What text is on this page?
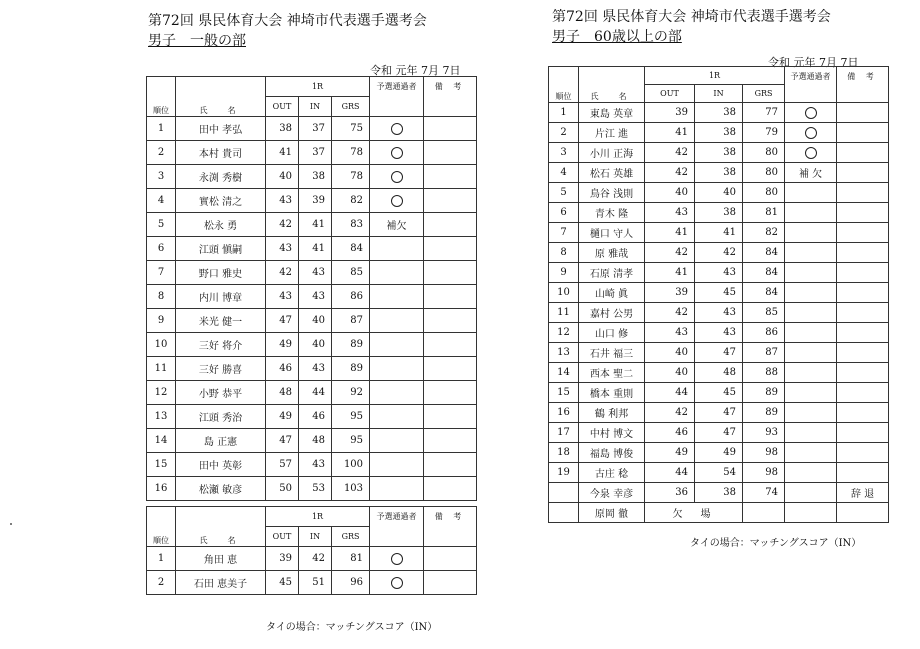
第72回 県民体育大会 神埼市代表選手選考会
男子　一般の部
令和 元年 7月 7日
順位	氏　名	1R			予選通過者	備 考
		OUT	IN	GRS		
1	田中 孝弘	38	37	75		
2	本村 貴司	41	37	78		
3	永渕 秀樹	40	38	78		
4	實松 清之	43	39	82		
5	松永 勇	42	41	83	補欠	
6	江頭 愼嗣	43	41	84		
7	野口 雅史	42	43	85		
8	内川 博章	43	43	86		
9	米光 健一	47	40	87		
10	三好 将介	49	40	89		
11	三好 勝喜	46	43	89		
12	小野 恭平	48	44	92		
13	江頭 秀治	49	46	95		
14	島 正憲	47	48	95		
15	田中 英彰	57	43	100		
16	松瀬 敏彦	50	53	103		
順位	氏　名	1R			予選通過者	備 考
		OUT	IN	GRS		
1	角田 恵	39	42	81		
2	石田 恵美子	45	51	96		
タイの場合：マッチングスコア（IN）
第72回 県民体育大会 神埼市代表選手選考会
男子　60歳以上の部
令和 元年 7月 7日
順位	氏　名	1R			予選通過者	備 考
		OUT	IN	GRS		
1	東島 英章	39	38	77		
2	片江 進	41	38	79		
3	小川 正海	42	38	80		
4	松石 英雄	42	38	80	補 欠	
5	鳥谷 浅則	40	40	80		
6	青木 隆	43	38	81		
7	樋口 守人	41	41	82		
8	原 雅哉	42	42	84		
9	石原 清孝	41	43	84		
10	山崎 眞	39	45	84		
11	嘉村 公男	42	43	85		
12	山口 修	43	43	86		
13	石井 福三	40	47	87		
14	西本 聖二	40	48	88		
15	橋本 重則	44	45	89		
16	鶴 利邦	42	47	89		
17	中村 博文	46	47	93		
18	福島 博俊	49	49	98		
19	古庄 稔	44	54	98		
	今泉 幸彦	36	38	74		辞 退
	原岡 徹	欠　場				
タイの場合：マッチングスコア（IN）
